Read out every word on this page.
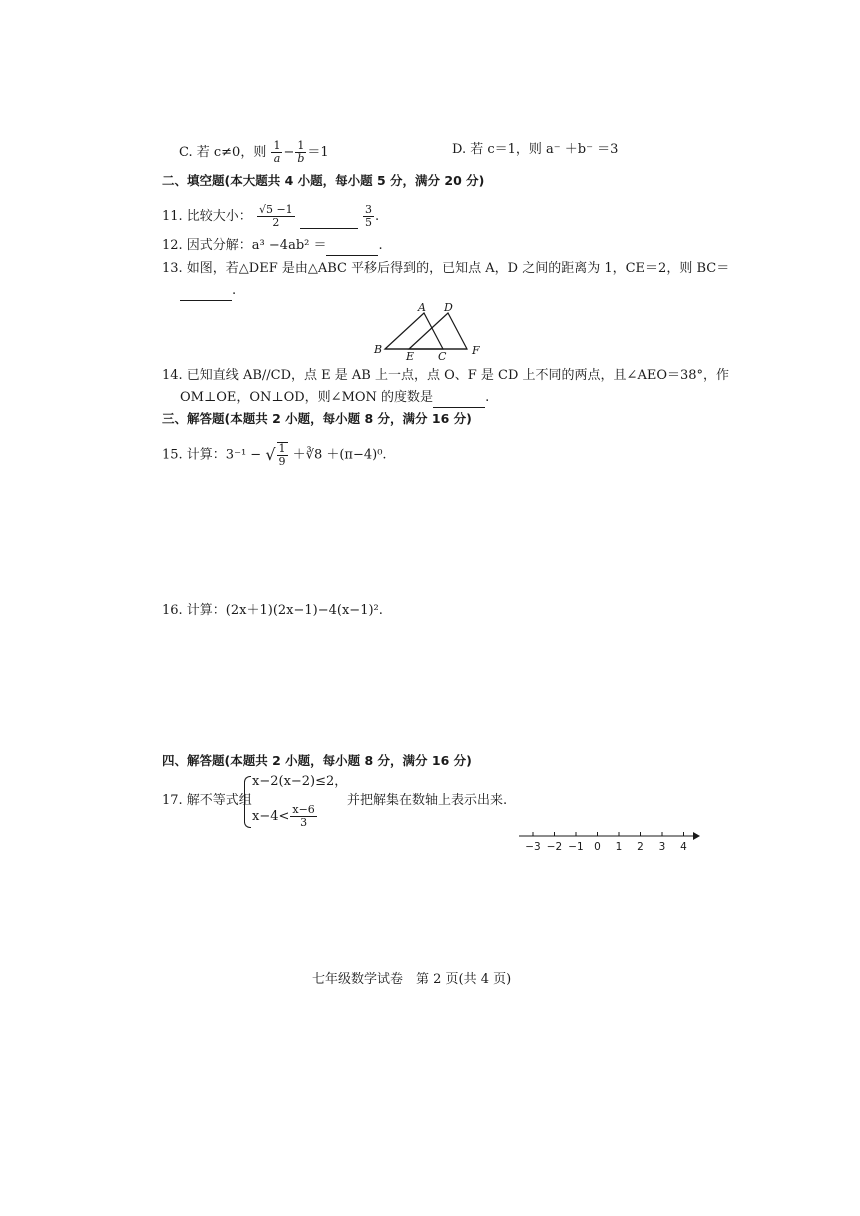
C. 若 c≠0，则 $\frac{1}{a} - \frac{1}{b} =1$	D. 若 c＝1，则 a⁻ ＋b⁻ ＝3
二、填空题(本大题共 4 小题，每小题 5 分，满分 20 分)
11. 比较大小： $\frac{√5 -1}{2}$
	$\frac{3}{5}$ .
12. 因式分解：a³ −4ab² ＝	.
13. 如图，若△DEF 是由△ABC 平移后得到的，已知点 A，D 之间的距离为 1，CE＝2，则 BC＝
.
A D
B
E C F
14. 已知直线 AB//CD，点 E 是 AB 上一点，点 O、F 是 CD 上不同的两点，且∠AEO＝38°，作
OM⊥OE，ON⊥OD，则∠MON 的度数是	.
三、解答题(本题共 2 小题，每小题 8 分，满分 16 分)
15. 计算：3⁻¹ − √ $\frac{1}{9}$ ＋∛8 ＋(π−4)⁰.
16. 计算：(2x＋1)(2x−1)−4(x−1)².
四、解答题(本题共 2 小题，每小题 8 分，满分 16 分)
17. 解不等式组
x−2(x−2)≤2，
$x-4< \frac{x-6}{3}$
并把解集在数轴上表示出来.
−3 −2 −1 0 1 2 3 4
七年级数学试卷　第 2 页(共 4 页)
